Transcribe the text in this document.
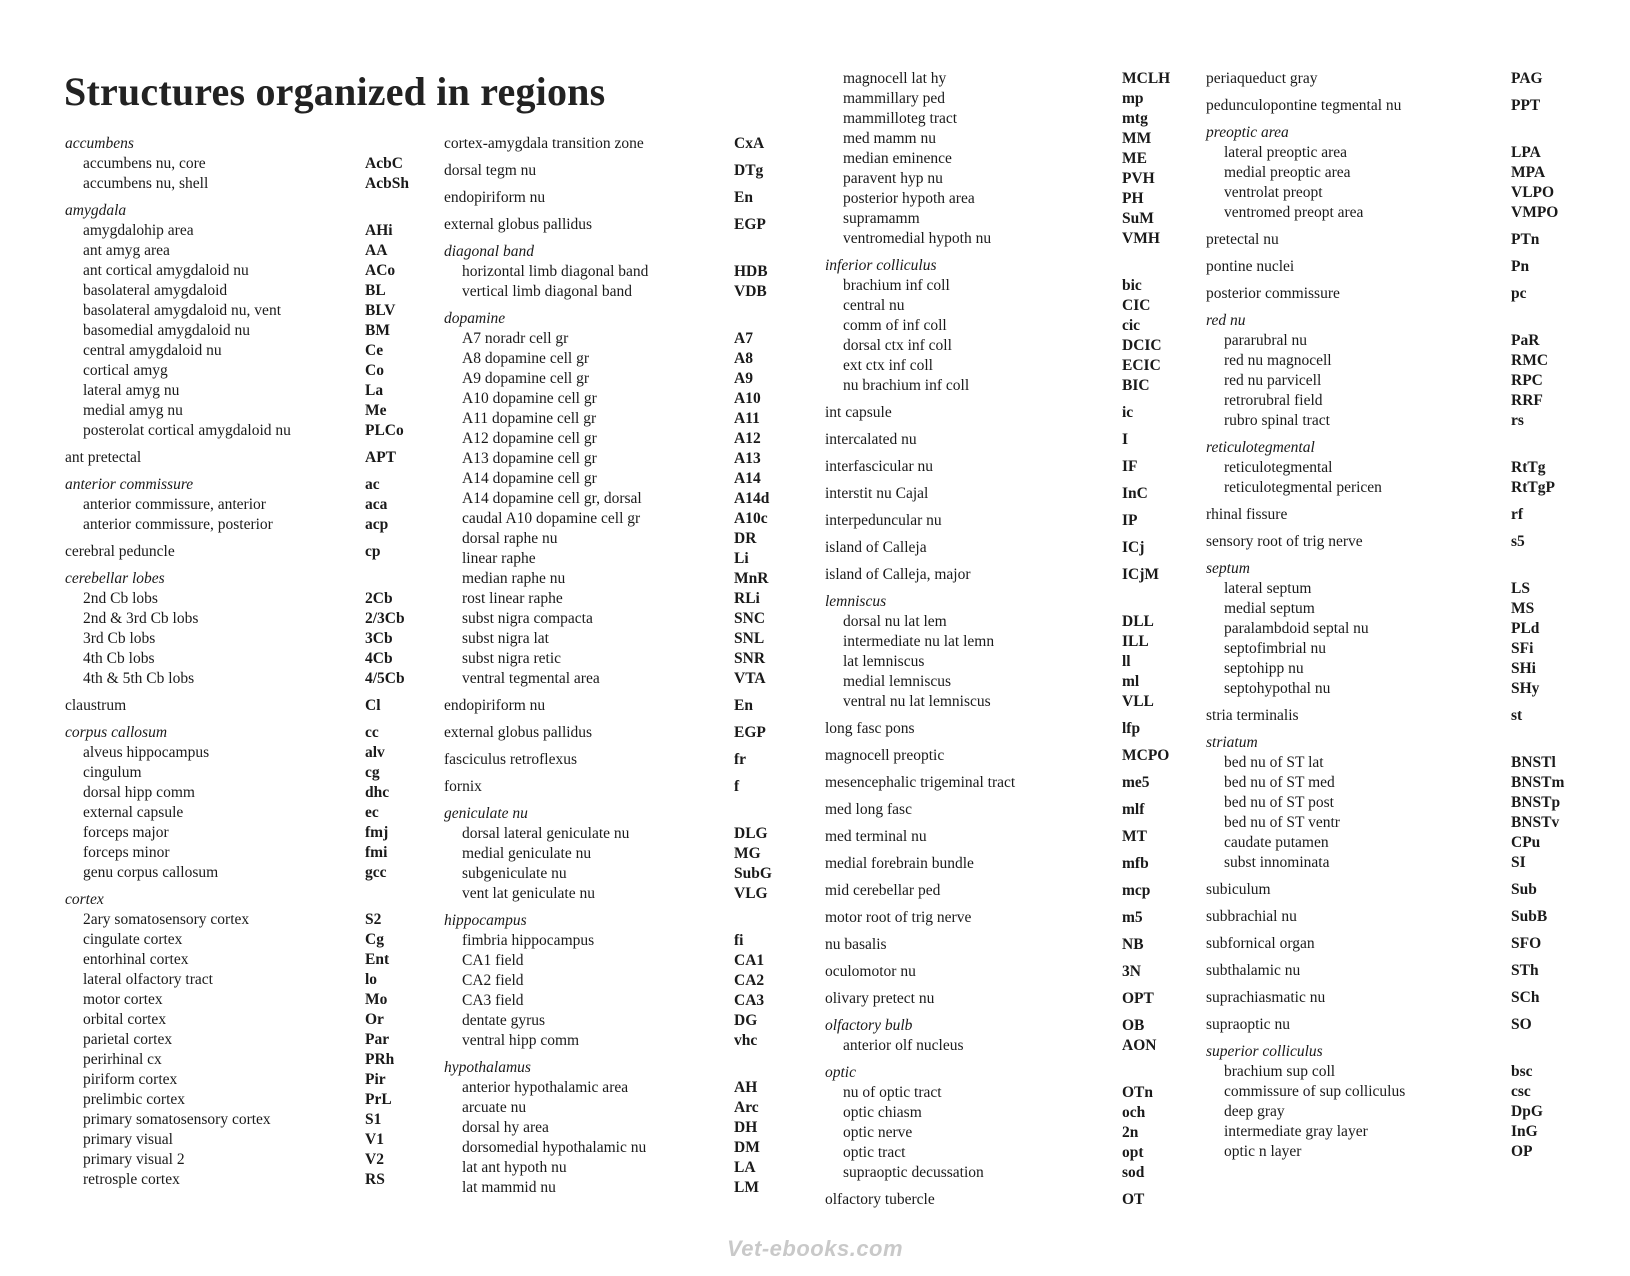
Structures organized in regions
accumbens
accumbens nu, core	AcbC
accumbens nu, shell	AcbSh
amygdala
amygdalohip area	AHi
ant amyg area	AA
ant cortical amygdaloid nu	ACo
basolateral amygdaloid	BL
basolateral amygdaloid nu, vent	BLV
basomedial amygdaloid nu	BM
central amygdaloid nu	Ce
cortical amyg	Co
lateral amyg nu	La
medial amyg nu	Me
posterolat cortical amygdaloid nu	PLCo
ant pretectal	APT
anterior commissure	ac
anterior commissure, anterior	aca
anterior commissure, posterior	acp
cerebral peduncle	cp
cerebellar lobes
2nd Cb lobs	2Cb
2nd & 3rd Cb lobs	2/3Cb
3rd Cb lobs	3Cb
4th Cb lobs	4Cb
4th & 5th Cb lobs	4/5Cb
claustrum	Cl
corpus callosum	cc
alveus hippocampus	alv
cingulum	cg
dorsal hipp comm	dhc
external capsule	ec
forceps major	fmj
forceps minor	fmi
genu corpus callosum	gcc
cortex
2ary somatosensory cortex	S2
cingulate cortex	Cg
entorhinal cortex	Ent
lateral olfactory tract	lo
motor cortex	Mo
orbital cortex	Or
parietal cortex	Par
perirhinal cx	PRh
piriform cortex	Pir
prelimbic cortex	PrL
primary somatosensory cortex	S1
primary visual	V1
primary visual 2	V2
retrosple cortex	RS
cortex-amygdala transition zone	CxA
dorsal tegm nu	DTg
endopiriform nu	En
external globus pallidus	EGP
diagonal band
horizontal limb diagonal band	HDB
vertical limb diagonal band	VDB
dopamine
A7 noradr cell gr	A7
A8 dopamine cell gr	A8
A9 dopamine cell gr	A9
A10 dopamine cell gr	A10
A11 dopamine cell gr	A11
A12 dopamine cell gr	A12
A13 dopamine cell gr	A13
A14 dopamine cell gr	A14
A14 dopamine cell gr, dorsal	A14d
caudal A10 dopamine cell gr	A10c
dorsal raphe nu	DR
linear raphe	Li
median raphe nu	MnR
rost linear raphe	RLi
subst nigra compacta	SNC
subst nigra lat	SNL
subst nigra retic	SNR
ventral tegmental area	VTA
endopiriform nu	En
external globus pallidus	EGP
fasciculus retroflexus	fr
fornix	f
geniculate nu
dorsal lateral geniculate nu	DLG
medial geniculate nu	MG
subgeniculate nu	SubG
vent lat geniculate nu	VLG
hippocampus
fimbria hippocampus	fi
CA1 field	CA1
CA2 field	CA2
CA3 field	CA3
dentate gyrus	DG
ventral hipp comm	vhc
hypothalamus
anterior hypothalamic area	AH
arcuate nu	Arc
dorsal hy area	DH
dorsomedial hypothalamic nu	DM
lat ant hypoth nu	LA
lat mammid nu	LM
magnocell lat hy	MCLH
mammillary ped	mp
mammilloteg tract	mtg
med mamm nu	MM
median eminence	ME
paravent hyp nu	PVH
posterior hypoth area	PH
supramamm	SuM
ventromedial hypoth nu	VMH
inferior colliculus
brachium inf coll	bic
central nu	CIC
comm of inf coll	cic
dorsal ctx inf coll	DCIC
ext ctx inf coll	ECIC
nu brachium inf coll	BIC
int capsule	ic
intercalated nu	I
interfascicular nu	IF
interstit nu Cajal	InC
interpeduncular nu	IP
island of Calleja	ICj
island of Calleja, major	ICjM
lemniscus
dorsal nu lat lem	DLL
intermediate nu lat lemn	ILL
lat lemniscus	ll
medial lemniscus	ml
ventral nu lat lemniscus	VLL
long fasc pons	lfp
magnocell preoptic	MCPO
mesencephalic trigeminal tract	me5
med long fasc	mlf
med terminal nu	MT
medial forebrain bundle	mfb
mid cerebellar ped	mcp
motor root of trig nerve	m5
nu basalis	NB
oculomotor nu	3N
olivary pretect nu	OPT
olfactory bulb	OB
anterior olf nucleus	AON
optic
nu of optic tract	OTn
optic chiasm	och
optic nerve	2n
optic tract	opt
supraoptic decussation	sod
olfactory tubercle	OT
periaqueduct gray	PAG
pedunculopontine tegmental nu	PPT
preoptic area
lateral preoptic area	LPA
medial preoptic area	MPA
ventrolat preopt	VLPO
ventromed preopt area	VMPO
pretectal nu	PTn
pontine nuclei	Pn
posterior commissure	pc
red nu
pararubral nu	PaR
red nu magnocell	RMC
red nu parvicell	RPC
retrorubral field	RRF
rubro spinal tract	rs
reticulotegmental
reticulotegmental	RtTg
reticulotegmental pericen	RtTgP
rhinal fissure	rf
sensory root of trig nerve	s5
septum
lateral septum	LS
medial septum	MS
paralambdoid septal nu	PLd
septofimbrial nu	SFi
septohipp nu	SHi
septohypothal nu	SHy
stria terminalis	st
striatum
bed nu of ST lat	BNSTl
bed nu of ST med	BNSTm
bed nu of ST post	BNSTp
bed nu of ST ventr	BNSTv
caudate putamen	CPu
subst innominata	SI
subiculum	Sub
subbrachial nu	SubB
subfornical organ	SFO
subthalamic nu	STh
suprachiasmatic nu	SCh
supraoptic nu	SO
superior colliculus
brachium sup coll	bsc
commissure of sup colliculus	csc
deep gray	DpG
intermediate gray layer	InG
optic n layer	OP
Vet-ebooks.com
